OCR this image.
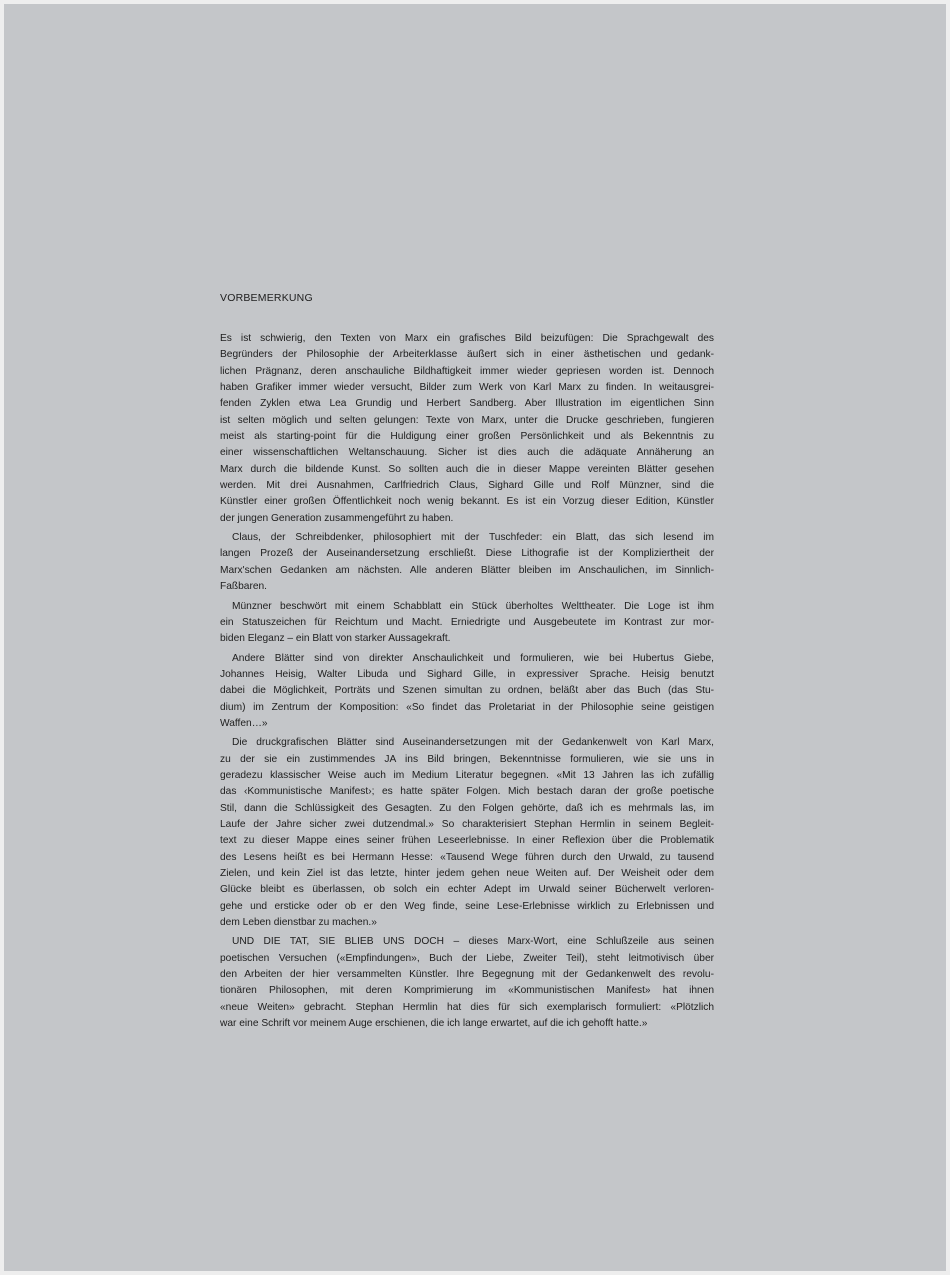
VORBEMERKUNG

Es ist schwierig, den Texten von Marx ein grafisches Bild beizufügen: Die Sprachgewalt des
Begründers der Philosophie der Arbeiterklasse äußert sich in einer ästhetischen und gedank-
lichen Prägnanz, deren anschauliche Bildhaftigkeit immer wieder gepriesen worden ist. Dennoch
haben Grafiker immer wieder versucht, Bilder zum Werk von Karl Marx zu finden. In weitausgrei-
fenden Zyklen etwa Lea Grundig und Herbert Sandberg. Aber Illustration im eigentlichen Sinn
ist selten möglich und selten gelungen: Texte von Marx, unter die Drucke geschrieben, fungieren
meist als starting-point für die Huldigung einer großen Persönlichkeit und als Bekenntnis zu
einer wissenschaftlichen Weltanschauung. Sicher ist dies auch die adäquate Annäherung an
Marx durch die bildende Kunst. So sollten auch die in dieser Mappe vereinten Blätter gesehen
werden. Mit drei Ausnahmen, Carlfriedrich Claus, Sighard Gille und Rolf Münzner, sind die
Künstler einer großen Öffentlichkeit noch wenig bekannt. Es ist ein Vorzug dieser Edition, Künstler
der jungen Generation zusammengeführt zu haben.

Claus, der Schreibdenker, philosophiert mit der Tuschfeder: ein Blatt, das sich lesend im
langen Prozeß der Auseinandersetzung erschließt. Diese Lithografie ist der Kompliziertheit der
Marx'schen Gedanken am nächsten. Alle anderen Blätter bleiben im Anschaulichen, im Sinnlich-
Faßbaren.

Münzner beschwört mit einem Schabblatt ein Stück überholtes Welttheater. Die Loge ist ihm
ein Statuszeichen für Reichtum und Macht. Erniedrigte und Ausgebeutete im Kontrast zur mor-
biden Eleganz – ein Blatt von starker Aussagekraft.

Andere Blätter sind von direkter Anschaulichkeit und formulieren, wie bei Hubertus Giebe,
Johannes Heisig, Walter Libuda und Sighard Gille, in expressiver Sprache. Heisig benutzt
dabei die Möglichkeit, Porträts und Szenen simultan zu ordnen, beläßt aber das Buch (das Stu-
dium) im Zentrum der Komposition: «So findet das Proletariat in der Philosophie seine geistigen
Waffen…»

Die druckgrafischen Blätter sind Auseinandersetzungen mit der Gedankenwelt von Karl Marx,
zu der sie ein zustimmendes JA ins Bild bringen, Bekenntnisse formulieren, wie sie uns in
geradezu klassischer Weise auch im Medium Literatur begegnen. «Mit 13 Jahren las ich zufällig
das ‹Kommunistische Manifest›; es hatte später Folgen. Mich bestach daran der große poetische
Stil, dann die Schlüssigkeit des Gesagten. Zu den Folgen gehörte, daß ich es mehrmals las, im
Laufe der Jahre sicher zwei dutzendmal.» So charakterisiert Stephan Hermlin in seinem Begleit-
text zu dieser Mappe eines seiner frühen Leseerlebnisse. In einer Reflexion über die Problematik
des Lesens heißt es bei Hermann Hesse: «Tausend Wege führen durch den Urwald, zu tausend
Zielen, und kein Ziel ist das letzte, hinter jedem gehen neue Weiten auf. Der Weisheit oder dem
Glücke bleibt es überlassen, ob solch ein echter Adept im Urwald seiner Bücherwelt verloren-
gehe und ersticke oder ob er den Weg finde, seine Lese-Erlebnisse wirklich zu Erlebnissen und
dem Leben dienstbar zu machen.»

UND DIE TAT, SIE BLIEB UNS DOCH – dieses Marx-Wort, eine Schlußzeile aus seinen
poetischen Versuchen («Empfindungen», Buch der Liebe, Zweiter Teil), steht leitmotivisch über
den Arbeiten der hier versammelten Künstler. Ihre Begegnung mit der Gedankenwelt des revolu-
tionären Philosophen, mit deren Komprimierung im «Kommunistischen Manifest» hat ihnen
«neue Weiten» gebracht. Stephan Hermlin hat dies für sich exemplarisch formuliert: «Plötzlich
war eine Schrift vor meinem Auge erschienen, die ich lange erwartet, auf die ich gehofft hatte.»
